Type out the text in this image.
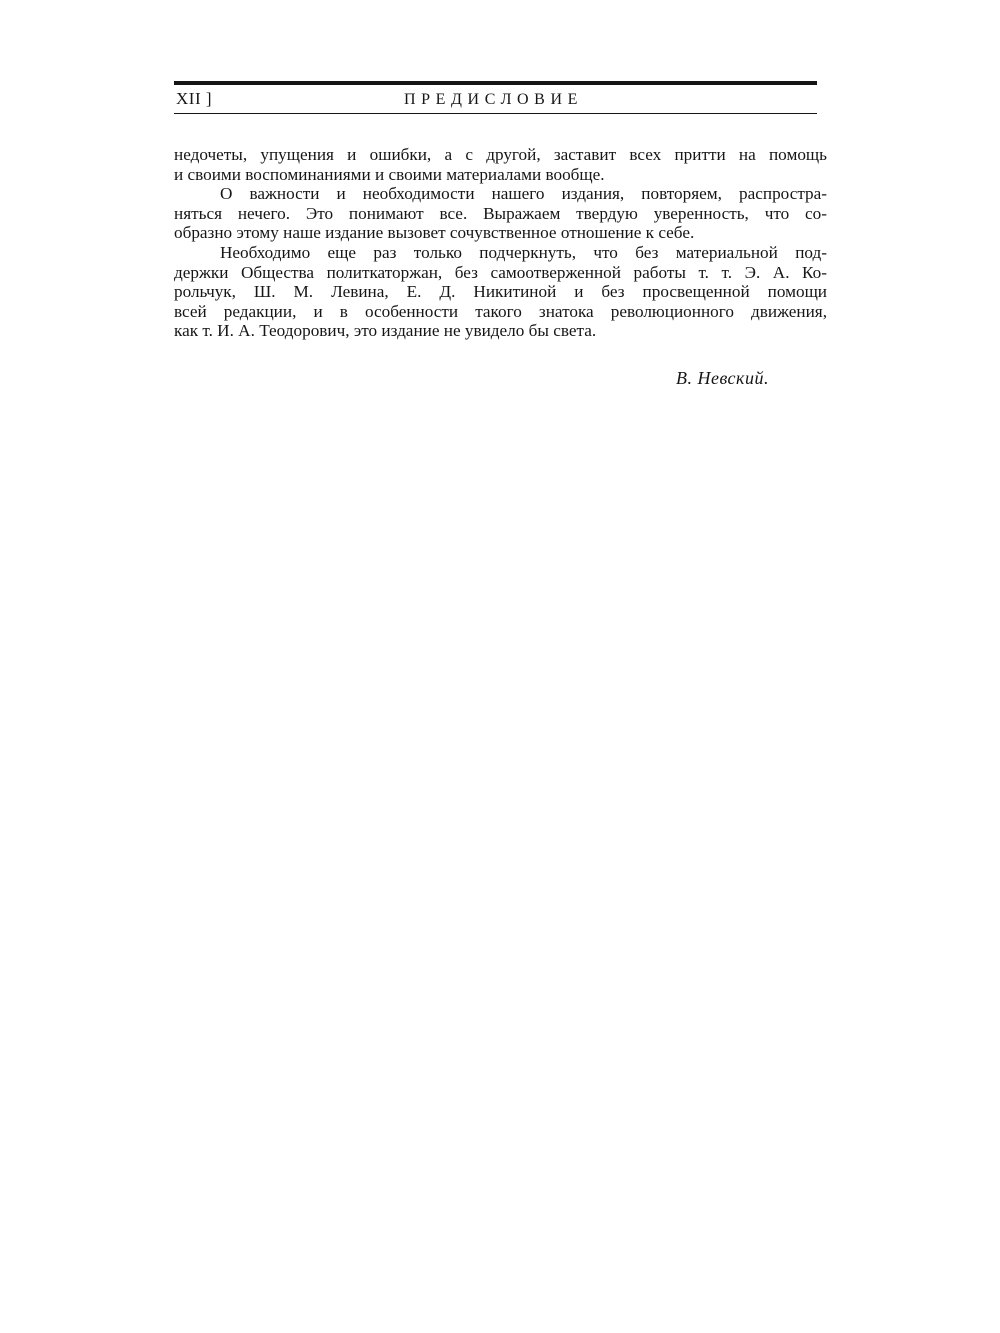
XII ]	ПРЕДИСЛОВИЕ
недочеты, упущения и ошибки, а с другой, заставит всех притти на помощь
и своими воспоминаниями и своими материалами вообще.
О важности и необходимости нашего издания, повторяем, распростра-
няться нечего. Это понимают все. Выражаем твердую уверенность, что со-
образно этому наше издание вызовет сочувственное отношение к себе.
Необходимо еще раз только подчеркнуть, что без материальной под-
держки Общества политкаторжан, без самоотверженной работы т. т. Э. А. Ко-
рольчук, Ш. М. Левина, Е. Д. Никитиной и без просвещенной помощи
всей редакции, и в особенности такого знатока революционного движения,
как т. И. А. Теодорович, это издание не увидело бы света.
В. Невский.
